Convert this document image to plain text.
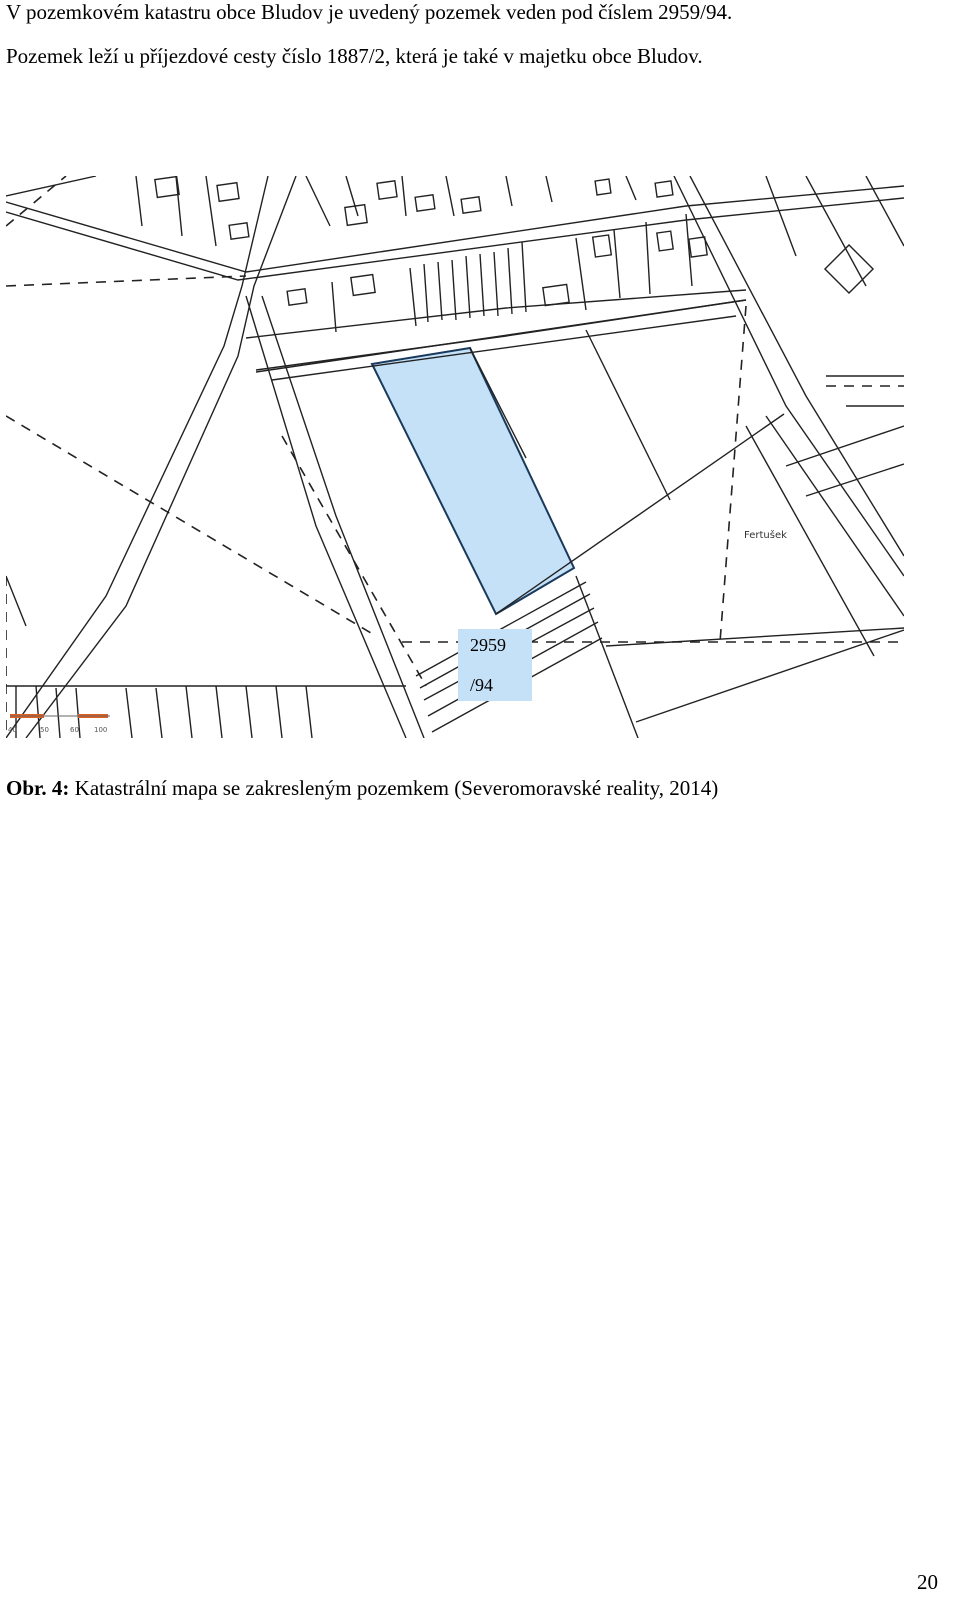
V pozemkovém katastru obce Bludov je uvedený pozemek veden pod číslem 2959/94.
Pozemek leží u příjezdové cesty číslo 1887/2, která je také v majetku obce Bludov.
40	50	60 100
Fertušek
2959
/94
Obr. 4: Katastrální mapa se zakresleným pozemkem (Severomoravské reality, 2014)
20
